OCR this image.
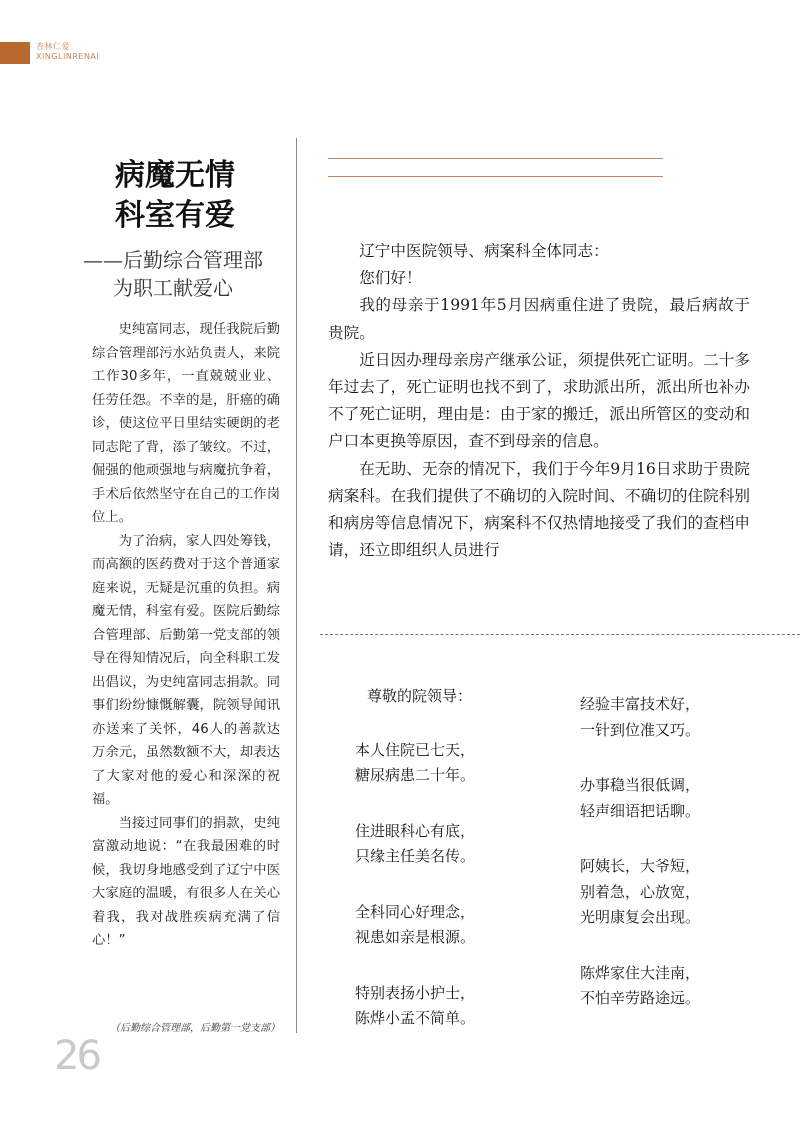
杏林仁爱
XINGLINRENAI
病魔无情
科室有爱
——后勤综合管理部
为职工献爱心

史纯富同志，现任我院后勤综合管理部污水站负责人，来院工作30多年，一直兢兢业业、任劳任怨。不幸的是，肝癌的确诊，使这位平日里结实硬朗的老同志陀了背，添了皱纹。不过，倔强的他顽强地与病魔抗争着，手术后依然坚守在自己的工作岗位上。

为了治病，家人四处筹钱，而高额的医药费对于这个普通家庭来说，无疑是沉重的负担。病魔无情，科室有爱。医院后勤综合管理部、后勤第一党支部的领导在得知情况后，向全科职工发出倡议，为史纯富同志捐款。同事们纷纷慷慨解囊，院领导闻讯亦送来了关怀，46人的善款达万余元，虽然数额不大，却表达了大家对他的爱心和深深的祝福。

当接过同事们的捐款，史纯富激动地说：“在我最困难的时候，我切身地感受到了辽宁中医大家庭的温暖，有很多人在关心着我，我对战胜疾病充满了信心！”

（后勤综合管理部，后勤第一党支部）
26
辽宁中医院领导、病案科全体同志：
您们好！

我的母亲于1991年5月因病重住进了贵院，最后病故于贵院。

近日因办理母亲房产继承公证，须提供死亡证明。二十多年过去了，死亡证明也找不到了，求助派出所，派出所也补办不了死亡证明，理由是：由于家的搬迁，派出所管区的变动和户口本更换等原因，查不到母亲的信息。

在无助、无奈的情况下，我们于今年9月16日求助于贵院病案科。在我们提供了不确切的入院时间、不确切的住院科别和病房等信息情况下，病案科不仅热情地接受了我们的查档申请，还立即组织人员进行

尊敬的院领导：
本人住院已七天，
糖尿病患二十年。
住进眼科心有底，
只缘主任美名传。
全科同心好理念，
视患如亲是根源。
特别表扬小护士，
陈烨小孟不简单。
经验丰富技术好，
一针到位准又巧。
办事稳当很低调，
轻声细语把话聊。
阿姨长，大爷短，
别着急，心放宽，
光明康复会出现。
陈烨家住大洼南，
不怕辛劳路途远。
